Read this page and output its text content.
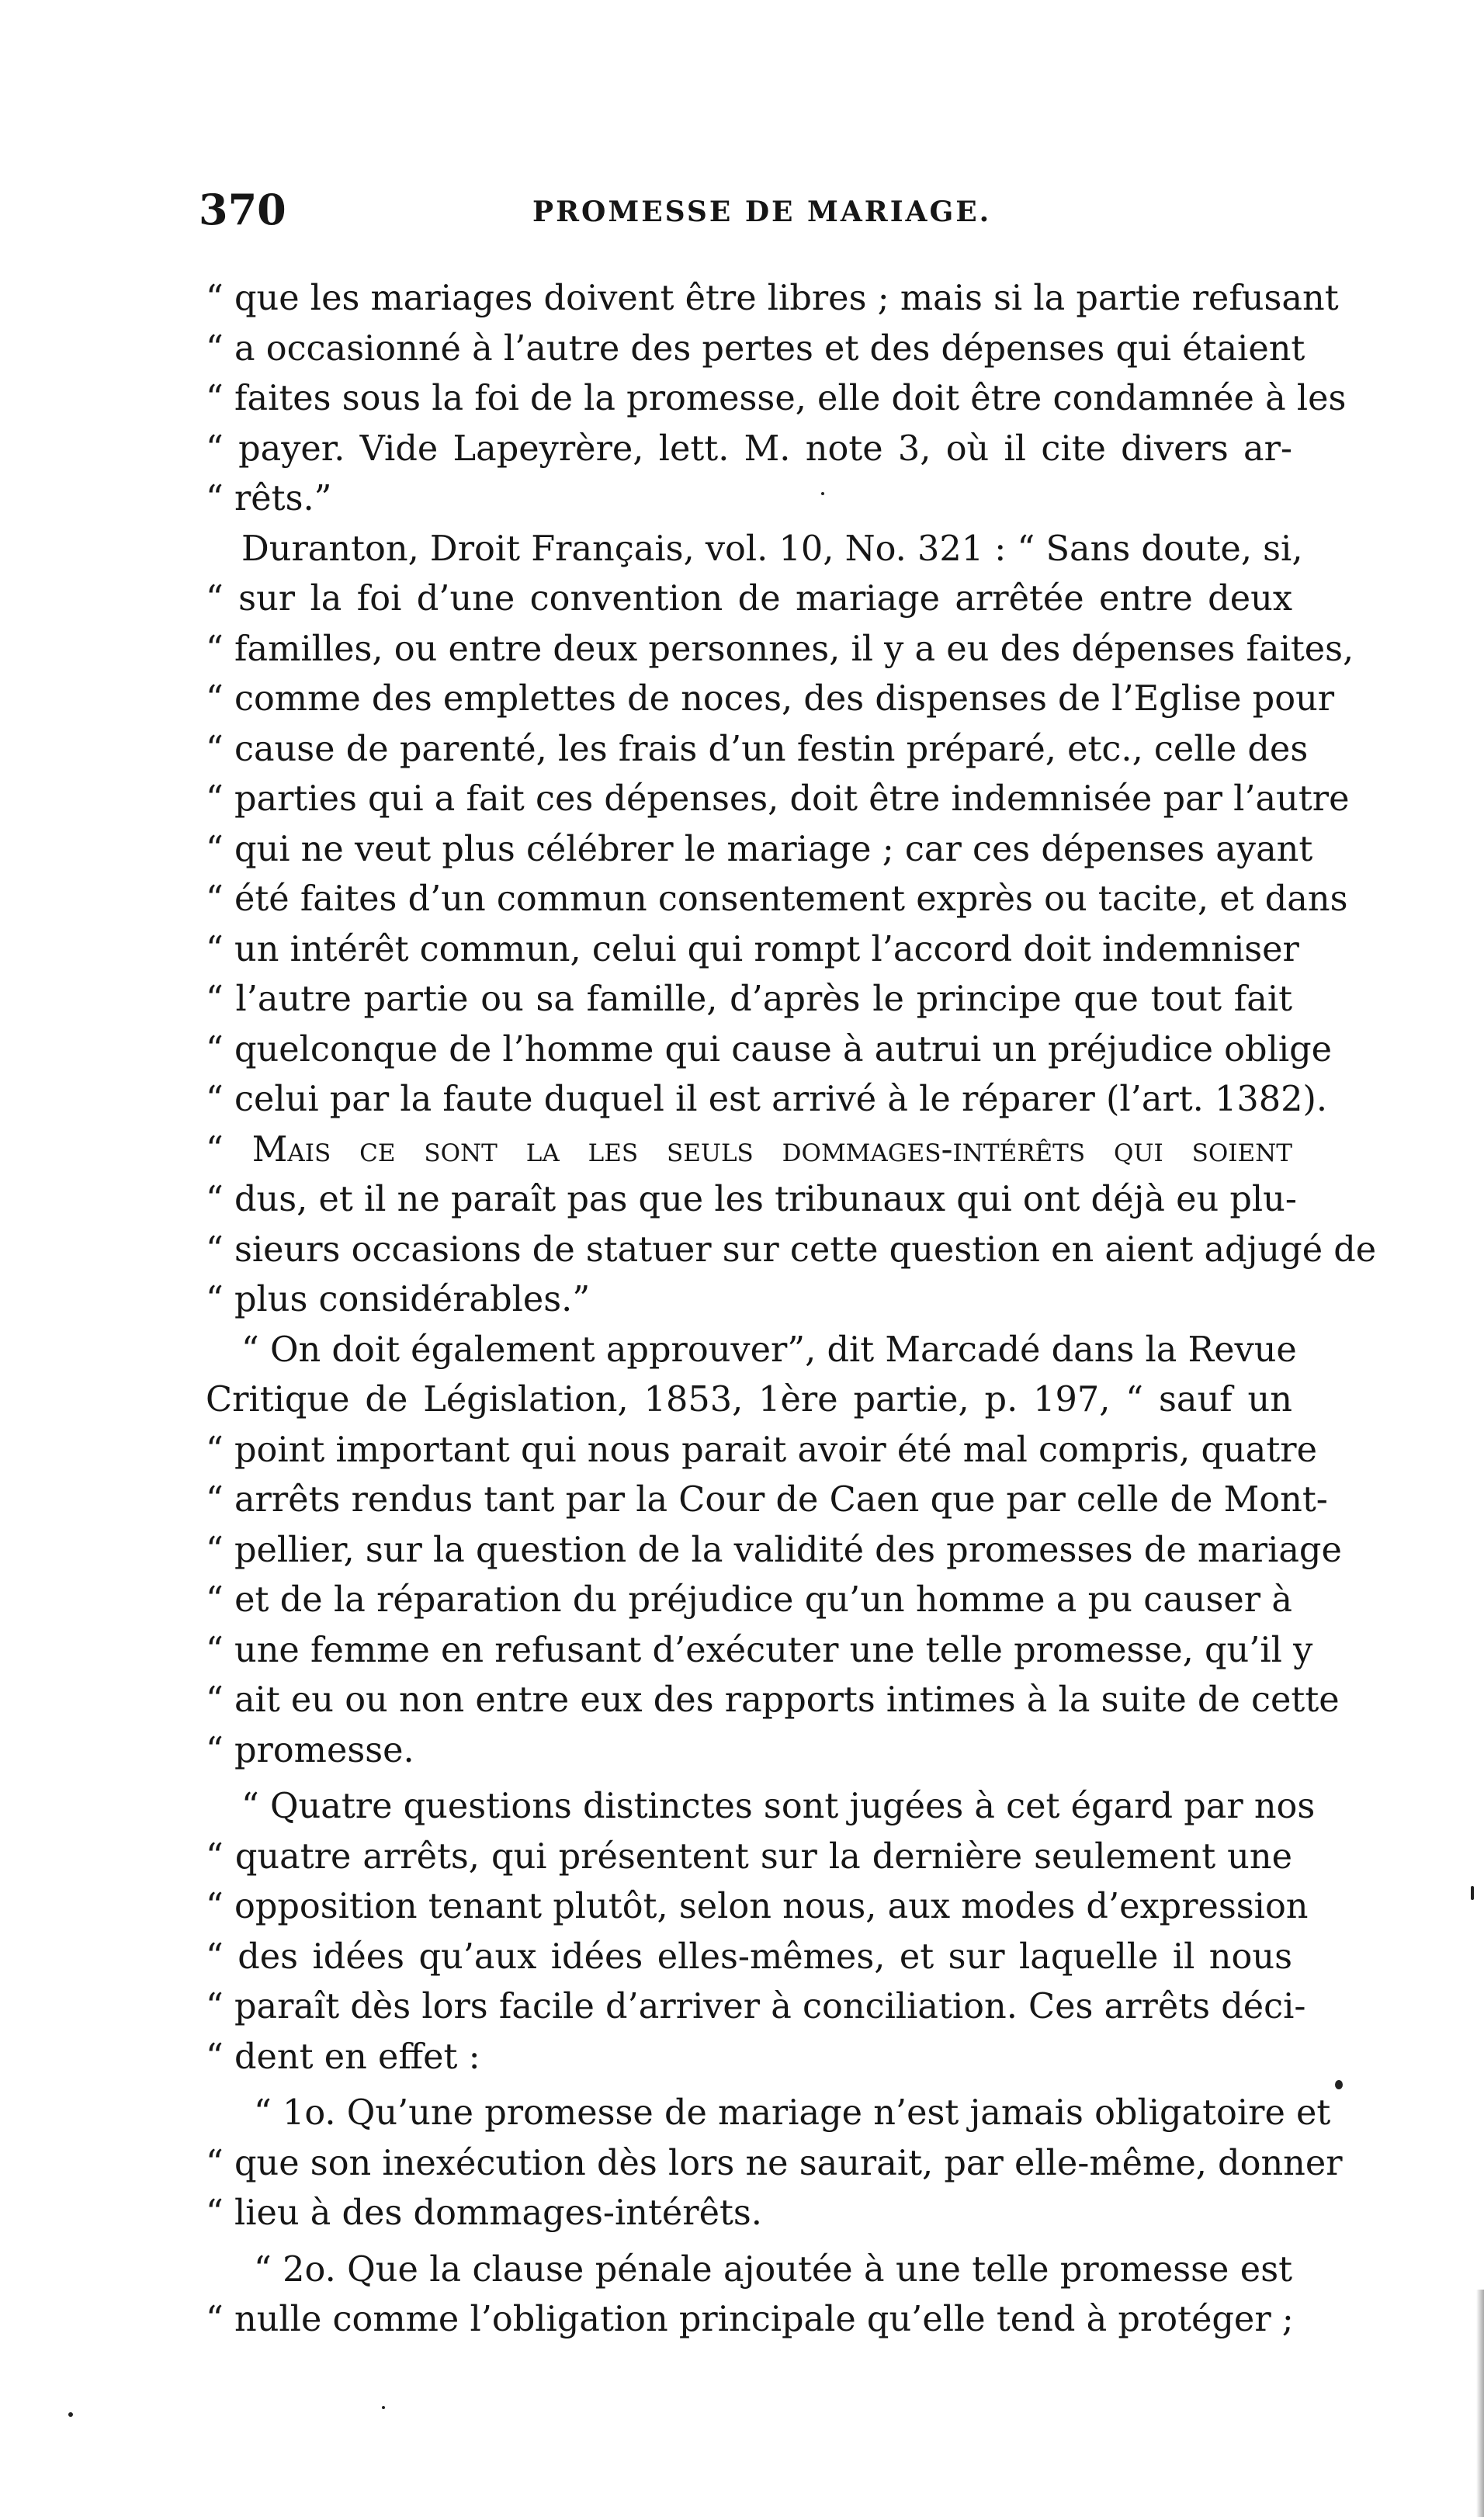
370	PROMESSE DE MARIAGE.
“ que les mariages doivent être libres ; mais si la partie refusant
“ a occasionné à l’autre des pertes et des dépenses qui étaient
“ faites sous la foi de la promesse, elle doit être condamnée à les
“ payer. Vide Lapeyrère, lett. M. note 3, où il cite divers ar-
“ rêts.”
Duranton, Droit Français, vol. 10, No. 321 : “ Sans doute, si,
“ sur la foi d’une convention de mariage arrêtée entre deux
“ familles, ou entre deux personnes, il y a eu des dépenses faites,
“ comme des emplettes de noces, des dispenses de l’Eglise pour
“ cause de parenté, les frais d’un festin préparé, etc., celle des
“ parties qui a fait ces dépenses, doit être indemnisée par l’autre
“ qui ne veut plus célébrer le mariage ; car ces dépenses ayant
“ été faites d’un commun consentement exprès ou tacite, et dans
“ un intérêt commun, celui qui rompt l’accord doit indemniser
“ l’autre partie ou sa famille, d’après le principe que tout fait
“ quelconque de l’homme qui cause à autrui un préjudice oblige
“ celui par la faute duquel il est arrivé à le réparer (l’art. 1382).
“ Mais ce sont la les seuls dommages-intérêts qui soient
“ dus, et il ne paraît pas que les tribunaux qui ont déjà eu plu-
“ sieurs occasions de statuer sur cette question en aient adjugé de
“ plus considérables.”
“ On doit également approuver”, dit Marcadé dans la Revue
Critique de Législation, 1853, 1ère partie, p. 197, “ sauf un
“ point important qui nous parait avoir été mal compris, quatre
“ arrêts rendus tant par la Cour de Caen que par celle de Mont-
“ pellier, sur la question de la validité des promesses de mariage
“ et de la réparation du préjudice qu’un homme a pu causer à
“ une femme en refusant d’exécuter une telle promesse, qu’il y
“ ait eu ou non entre eux des rapports intimes à la suite de cette
“ promesse.
“ Quatre questions distinctes sont jugées à cet égard par nos
“ quatre arrêts, qui présentent sur la dernière seulement une
“ opposition tenant plutôt, selon nous, aux modes d’expression
“ des idées qu’aux idées elles-mêmes, et sur laquelle il nous
“ paraît dès lors facile d’arriver à conciliation. Ces arrêts déci-
“ dent en effet :
“ 1o. Qu’une promesse de mariage n’est jamais obligatoire et
“ que son inexécution dès lors ne saurait, par elle-même, donner
“ lieu à des dommages-intérêts.
“ 2o. Que la clause pénale ajoutée à une telle promesse est
“ nulle comme l’obligation principale qu’elle tend à protéger ;
